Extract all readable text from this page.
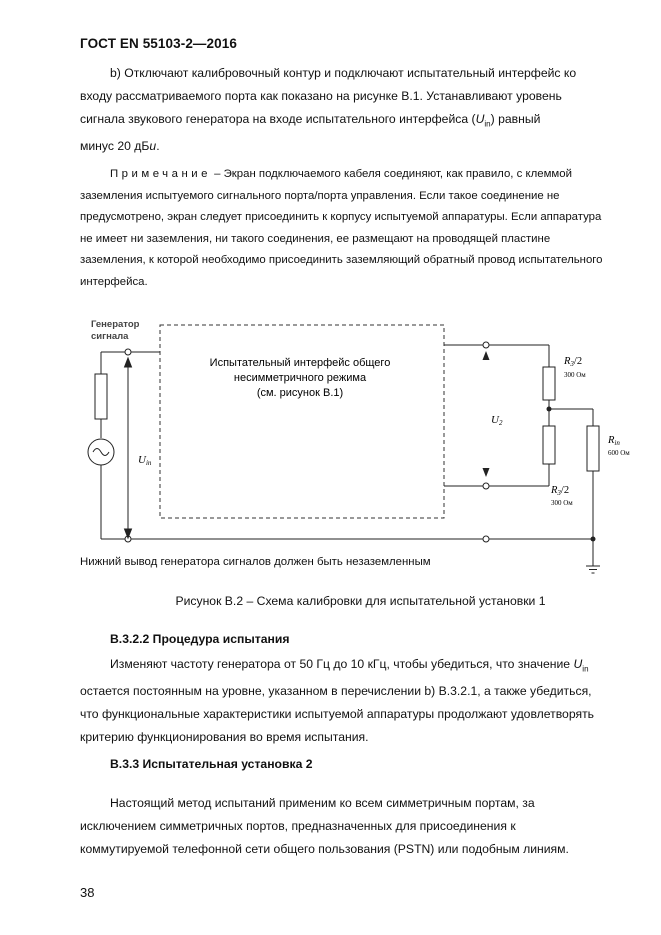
ГОСТ EN 55103-2—2016
b) Отключают калибровочный контур и подключают испытательный интерфейс ко
входу рассматриваемого порта как показано на рисунке В.1. Устанавливают уровень
сигнала звукового генератора на входе испытательного интерфейса $(U_{in})$ равный
минус 20 дБu.
Примечание – Экран подключаемого кабеля соединяют, как правило, с клеммой
заземления испытуемого сигнального порта/порта управления. Если такое соединение не
предусмотрено, экран следует присоединить к корпусу испытуемой аппаратуры. Если аппаратура
не имеет ни заземления, ни такого соединения, ее размещают на проводящей пластине
заземления, к которой необходимо присоединить заземляющий обратный провод испытательного
интерфейса.
Генератор
сигнала
Испытательный интерфейс общего
несимметричного режима
(см. рисунок В.1)
Uin
U2
R3/2
300 Ом
R3/2
300 Ом
Rin
600 Ом
Нижний вывод генератора сигналов должен быть незаземленным
Рисунок В.2 – Схема калибровки для испытательной установки 1
В.3.2.2 Процедура испытания
Изменяют частоту генератора от 50 Гц до 10 кГц, чтобы убедиться, что значение $U_{in}$
остается постоянным на уровне, указанном в перечислении b) В.3.2.1, а также убедиться,
что функциональные характеристики испытуемой аппаратуры продолжают удовлетворять
критерию функционирования во время испытания.
В.3.3 Испытательная установка 2
Настоящий метод испытаний применим ко всем симметричным портам, за
исключением симметричных портов, предназначенных для присоединения к
коммутируемой телефонной сети общего пользования (PSTN) или подобным линиям.
38
